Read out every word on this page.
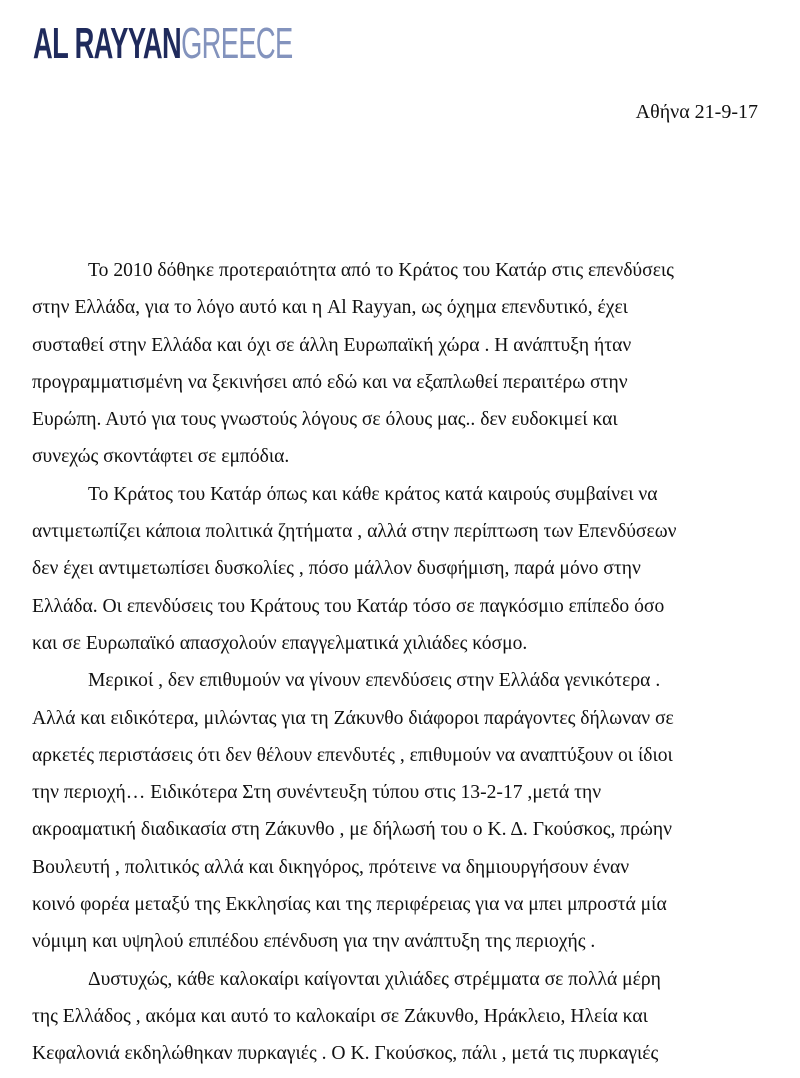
AL RAYYANGREECE
Αθήνα 21-9-17

Το 2010 δόθηκε προτεραιότητα από το Κράτος του Κατάρ στις επενδύσεις
στην Ελλάδα, για το λόγο αυτό και η Al Rayyan, ως όχημα επενδυτικό, έχει
συσταθεί στην Ελλάδα και όχι σε άλλη Ευρωπαϊκή χώρα . Η ανάπτυξη ήταν
προγραμματισμένη να ξεκινήσει από εδώ και να εξαπλωθεί περαιτέρω στην
Ευρώπη. Αυτό για τους γνωστούς λόγους σε όλους μας.. δεν ευδοκιμεί και
συνεχώς σκοντάφτει σε εμπόδια.

Το Κράτος του Κατάρ όπως και κάθε κράτος κατά καιρούς συμβαίνει να
αντιμετωπίζει κάποια πολιτικά ζητήματα , αλλά στην περίπτωση των Επενδύσεων
δεν έχει αντιμετωπίσει δυσκολίες , πόσο μάλλον δυσφήμιση, παρά μόνο στην
Ελλάδα. Οι επενδύσεις του Κράτους του Κατάρ τόσο σε παγκόσμιο επίπεδο όσο
και σε Ευρωπαϊκό απασχολούν επαγγελματικά χιλιάδες κόσμο.

Μερικοί , δεν επιθυμούν να γίνουν επενδύσεις στην Ελλάδα γενικότερα .
Αλλά και ειδικότερα, μιλώντας για τη Ζάκυνθο διάφοροι παράγοντες δήλωναν σε
αρκετές περιστάσεις ότι δεν θέλουν επενδυτές , επιθυμούν να αναπτύξουν οι ίδιοι
την περιοχή… Ειδικότερα Στη συνέντευξη τύπου στις 13-2-17 ,μετά την
ακροαματική διαδικασία στη Ζάκυνθο , με δήλωσή του ο Κ. Δ. Γκούσκος, πρώην
Βουλευτή , πολιτικός αλλά και δικηγόρος, πρότεινε να δημιουργήσουν έναν
κοινό φορέα μεταξύ της Εκκλησίας και της περιφέρειας για να μπει μπροστά μία
νόμιμη και υψηλού επιπέδου επένδυση για την ανάπτυξη της περιοχής .

Δυστυχώς, κάθε καλοκαίρι καίγονται χιλιάδες στρέμματα σε πολλά μέρη
της Ελλάδος , ακόμα και αυτό το καλοκαίρι σε Ζάκυνθο, Ηράκλειο, Ηλεία και
Κεφαλονιά εκδηλώθηκαν πυρκαγιές . Ο Κ. Γκούσκος, πάλι , μετά τις πυρκαγιές
